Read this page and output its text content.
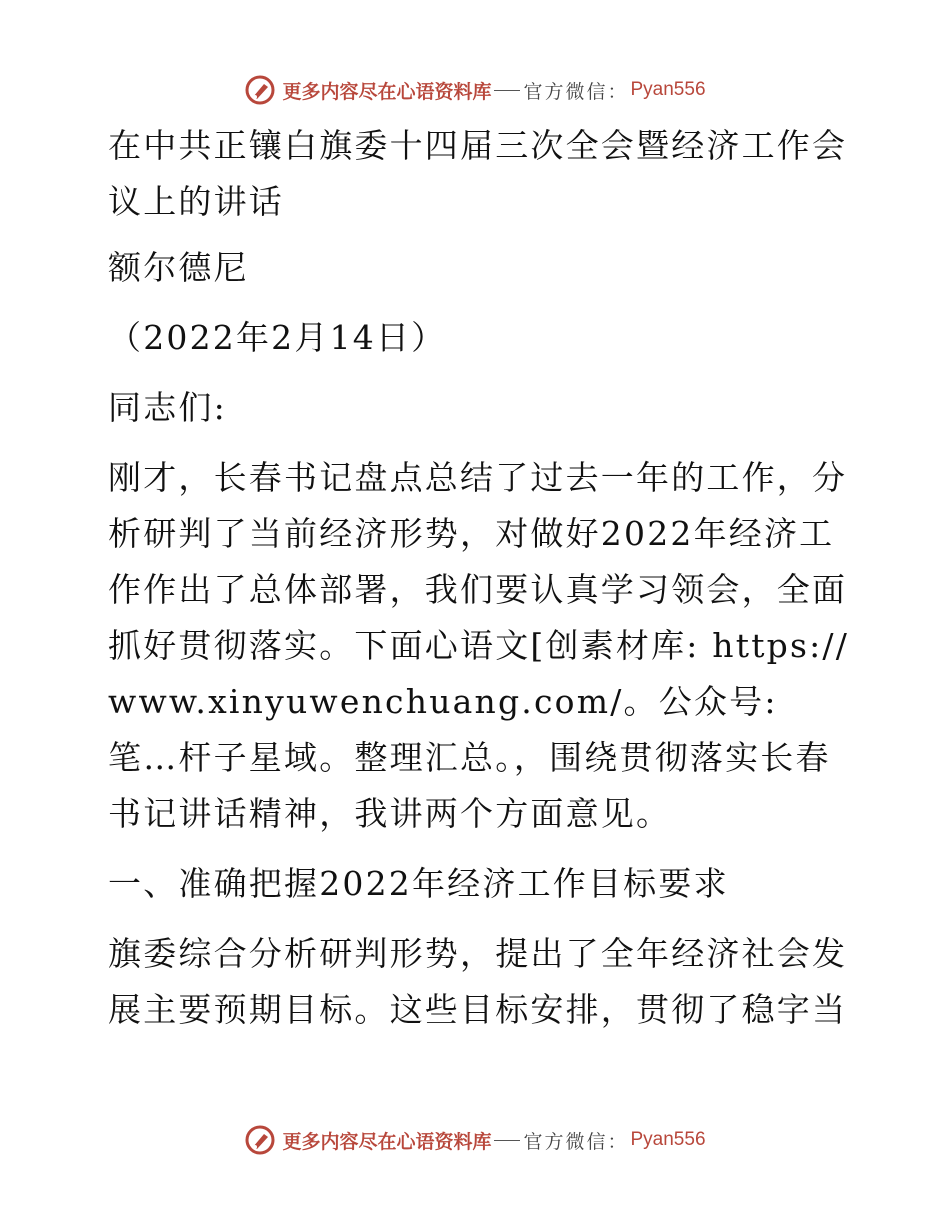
更多内容尽在心语资料库 官方微信： Pyan556

在中共正镶白旗委十四届三次全会暨经济工作会议上的讲话

额尔德尼

（2022年2月14日）

同志们:

刚才，长春书记盘点总结了过去一年的工作，分析研判了当前经济形势，对做好2022年经济工作作出了总体部署，我们要认真学习领会，全面抓好贯彻落实。下面心语文[创素材库: https://www.xinyuwenchuang.com/。公众号: 笔…杆子星域。整理汇总。，围绕贯彻落实长春书记讲话精神，我讲两个方面意见。

一、准确把握2022年经济工作目标要求

旗委综合分析研判形势，提出了全年经济社会发展主要预期目标。这些目标安排，贯彻了稳字当

更多内容尽在心语资料库 官方微信： Pyan556
